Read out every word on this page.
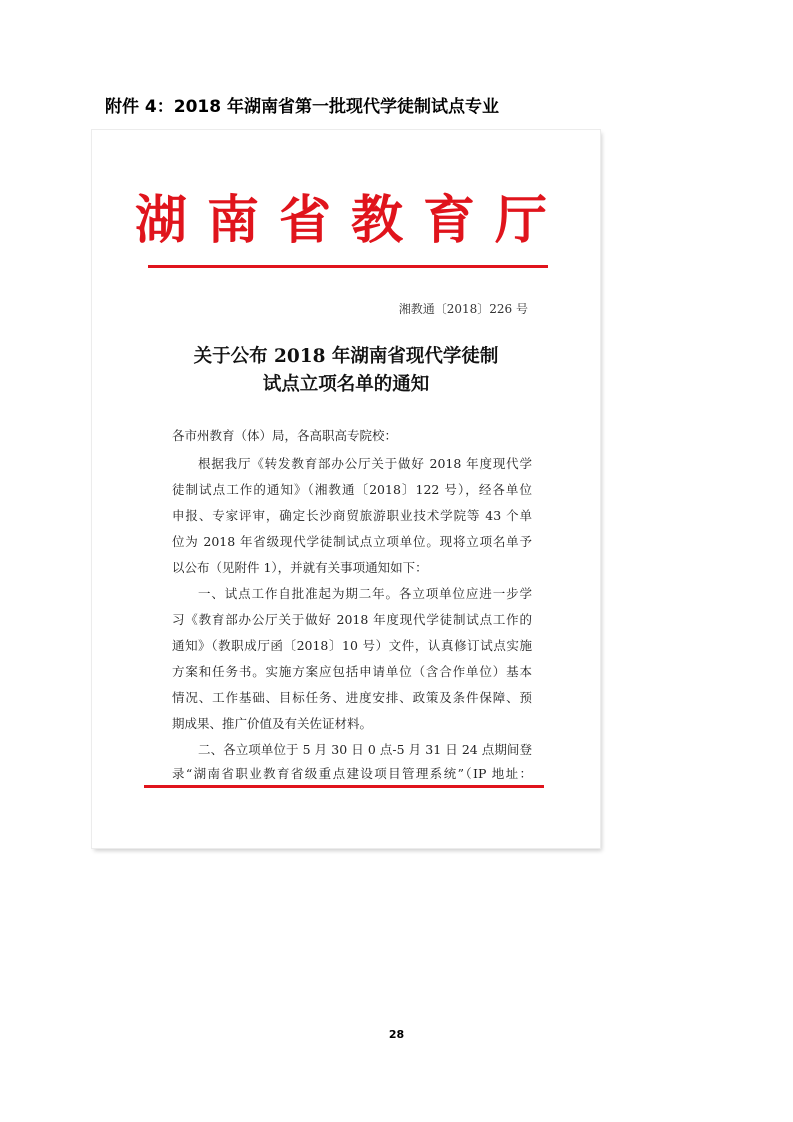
附件 4：2018 年湖南省第一批现代学徒制试点专业
湖南省教育厅
湘教通〔2018〕226 号
关于公布 2018 年湖南省现代学徒制
试点立项名单的通知
各市州教育（体）局，各高职高专院校：
根据我厅《转发教育部办公厅关于做好 2018 年度现代学
徒制试点工作的通知》（湘教通〔2018〕122 号），经各单位
申报、专家评审，确定长沙商贸旅游职业技术学院等 43 个单
位为 2018 年省级现代学徒制试点立项单位。现将立项名单予
以公布（见附件 1），并就有关事项通知如下：
一、试点工作自批准起为期二年。各立项单位应进一步学
习《教育部办公厅关于做好 2018 年度现代学徒制试点工作的
通知》（教职成厅函〔2018〕10 号）文件，认真修订试点实施
方案和任务书。实施方案应包括申请单位（含合作单位）基本
情况、工作基础、目标任务、进度安排、政策及条件保障、预
期成果、推广价值及有关佐证材料。
二、各立项单位于 5 月 30 日 0 点-5 月 31 日 24 点期间登
录“湖南省职业教育省级重点建设项目管理系统”（IP 地址：
28
